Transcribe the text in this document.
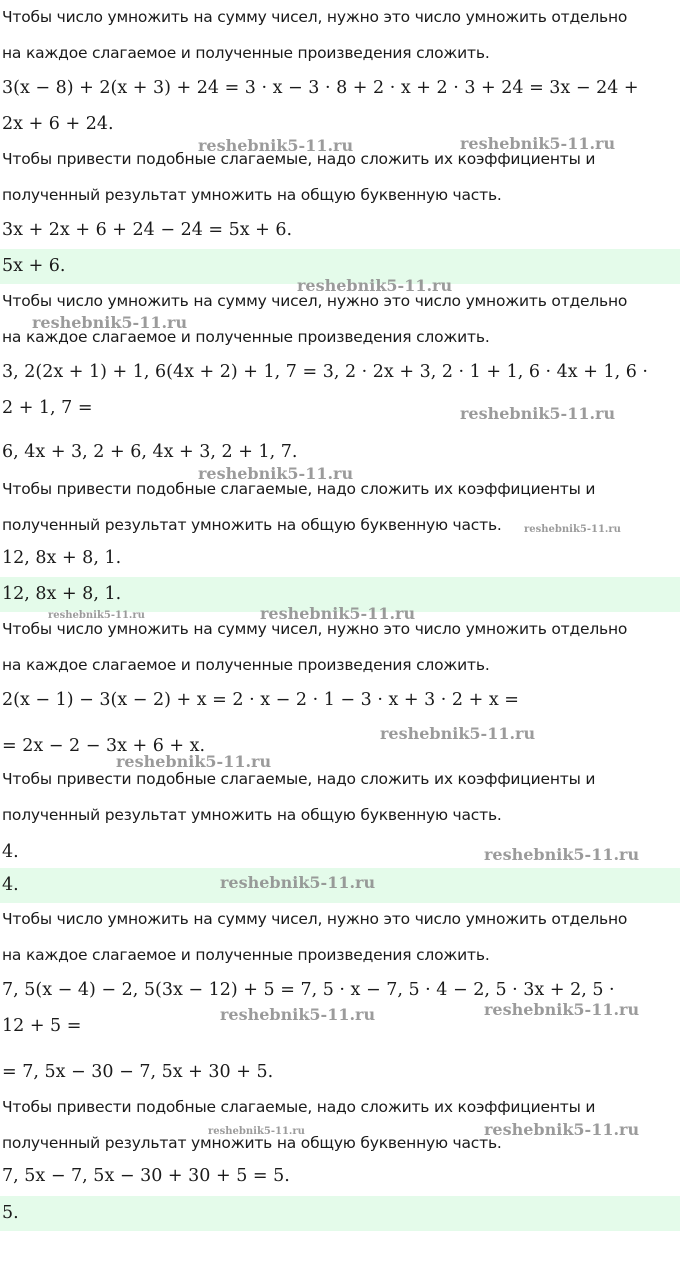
Чтобы число умножить на сумму чисел, нужно это число умножить отдельно
на каждое слагаемое и полученные произведения сложить.
3(x − 8) + 2(x + 3) + 24 = 3 · x − 3 · 8 + 2 · x + 2 · 3 + 24 = 3x − 24 +
2x + 6 + 24.
Чтобы привести подобные слагаемые, надо сложить их коэффициенты и
полученный результат умножить на общую буквенную часть.
3x + 2x + 6 + 24 − 24 = 5x + 6.
5x + 6.
Чтобы число умножить на сумму чисел, нужно это число умножить отдельно
на каждое слагаемое и полученные произведения сложить.
3, 2(2x + 1) + 1, 6(4x + 2) + 1, 7 = 3, 2 · 2x + 3, 2 · 1 + 1, 6 · 4x + 1, 6 ·
2 + 1, 7 =
6, 4x + 3, 2 + 6, 4x + 3, 2 + 1, 7.
Чтобы привести подобные слагаемые, надо сложить их коэффициенты и
полученный результат умножить на общую буквенную часть.
12, 8x + 8, 1.
12, 8x + 8, 1.
Чтобы число умножить на сумму чисел, нужно это число умножить отдельно
на каждое слагаемое и полученные произведения сложить.
2(x − 1) − 3(x − 2) + x = 2 · x − 2 · 1 − 3 · x + 3 · 2 + x =
= 2x − 2 − 3x + 6 + x.
Чтобы привести подобные слагаемые, надо сложить их коэффициенты и
полученный результат умножить на общую буквенную часть.
4.
4.
Чтобы число умножить на сумму чисел, нужно это число умножить отдельно
на каждое слагаемое и полученные произведения сложить.
7, 5(x − 4) − 2, 5(3x − 12) + 5 = 7, 5 · x − 7, 5 · 4 − 2, 5 · 3x + 2, 5 ·
12 + 5 =
= 7, 5x − 30 − 7, 5x + 30 + 5.
Чтобы привести подобные слагаемые, надо сложить их коэффициенты и
полученный результат умножить на общую буквенную часть.
7, 5x − 7, 5x − 30 + 30 + 5 = 5.
5.
reshebnik5-11.ru	reshebnik5-11.ru
reshebnik5-11.ru
reshebnik5-11.ru
reshebnik5-11.ru
reshebnik5-11.ru
reshebnik5-11.ru
reshebnik5-11.ru	reshebnik5-11.ru
reshebnik5-11.ru
reshebnik5-11.ru
reshebnik5-11.ru
reshebnik5-11.ru
reshebnik5-11.ru
reshebnik5-11.ru
reshebnik5-11.ru	reshebnik5-11.ru
